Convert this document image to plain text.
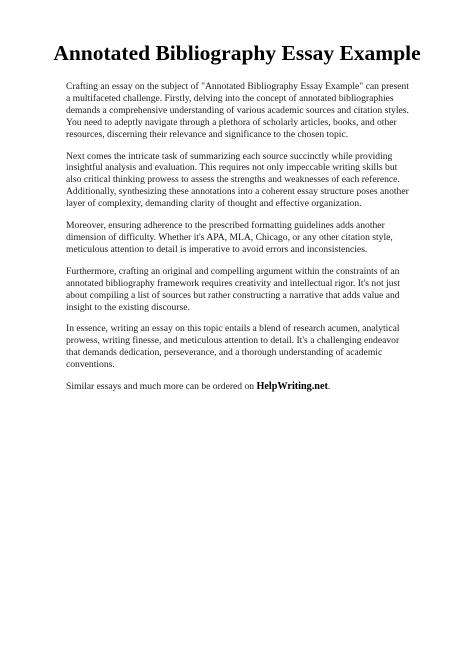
Annotated Bibliography Essay Example

Crafting an essay on the subject of "Annotated Bibliography Essay Example" can present a multifaceted challenge. Firstly, delving into the concept of annotated bibliographies demands a comprehensive understanding of various academic sources and citation styles. You need to adeptly navigate through a plethora of scholarly articles, books, and other resources, discerning their relevance and significance to the chosen topic.

Next comes the intricate task of summarizing each source succinctly while providing insightful analysis and evaluation. This requires not only impeccable writing skills but also critical thinking prowess to assess the strengths and weaknesses of each reference. Additionally, synthesizing these annotations into a coherent essay structure poses another layer of complexity, demanding clarity of thought and effective organization.

Moreover, ensuring adherence to the prescribed formatting guidelines adds another dimension of difficulty. Whether it's APA, MLA, Chicago, or any other citation style, meticulous attention to detail is imperative to avoid errors and inconsistencies.

Furthermore, crafting an original and compelling argument within the constraints of an annotated bibliography framework requires creativity and intellectual rigor. It's not just about compiling a list of sources but rather constructing a narrative that adds value and insight to the existing discourse.

In essence, writing an essay on this topic entails a blend of research acumen, analytical prowess, writing finesse, and meticulous attention to detail. It's a challenging endeavor that demands dedication, perseverance, and a thorough understanding of academic conventions.

Similar essays and much more can be ordered on HelpWriting.net.
